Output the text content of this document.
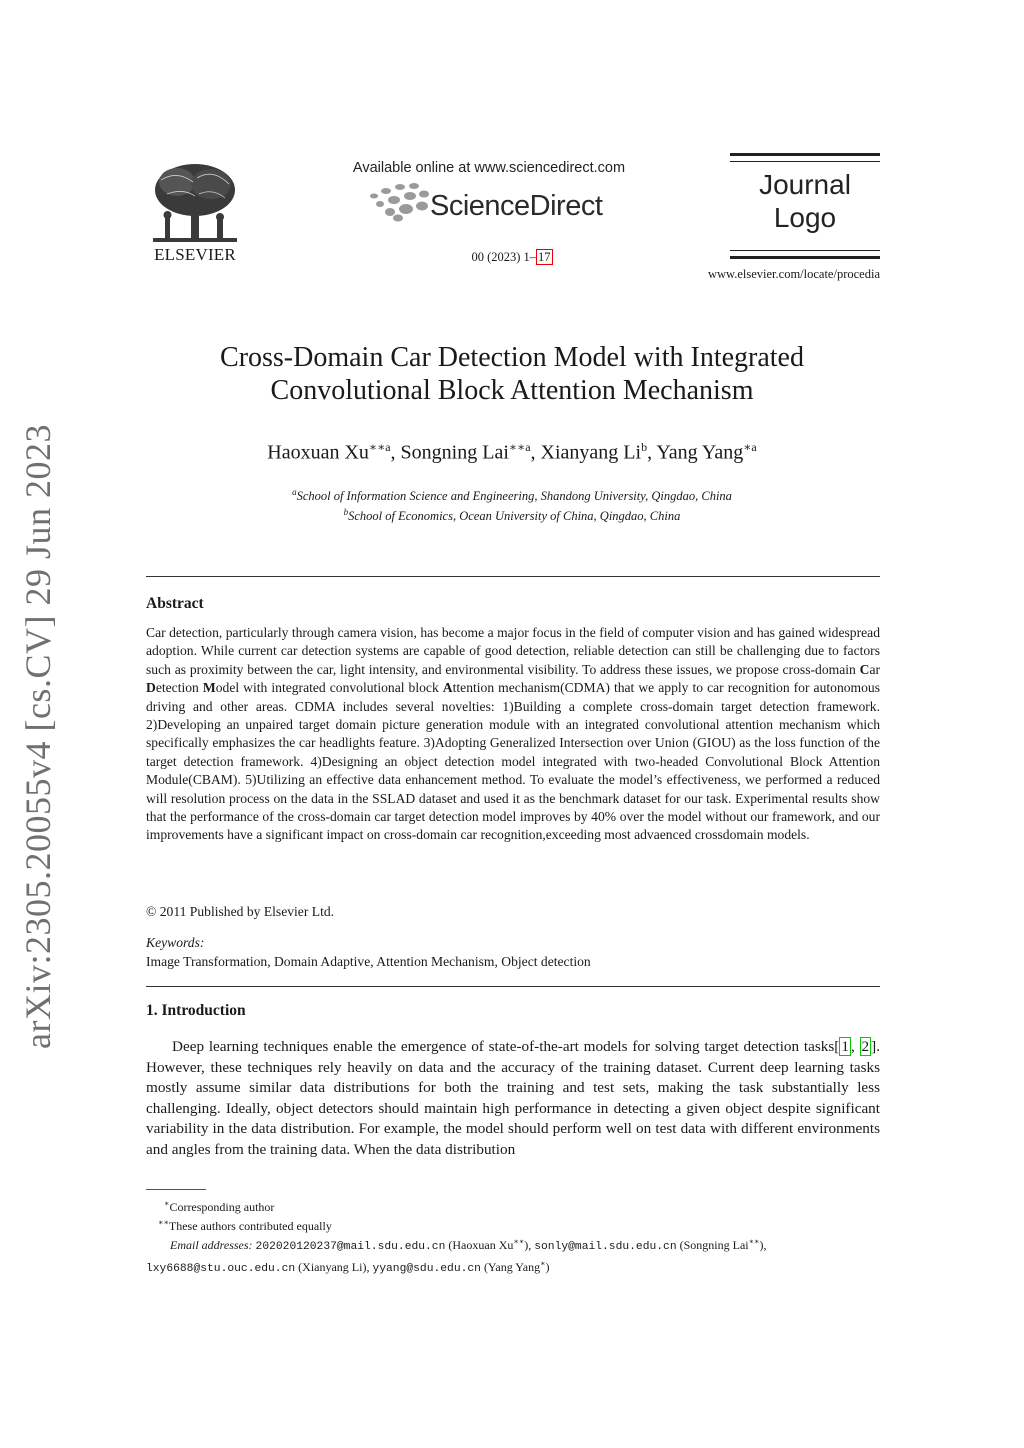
arXiv:2305.20055v4 [cs.CV] 29 Jun 2023
ELSEVIER
Available online at www.sciencedirect.com
ScienceDirect
00 (2023) 1– 17
Journal
Logo
www.elsevier.com/locate/procedia
Cross-Domain Car Detection Model with Integrated
Convolutional Block Attention Mechanism
Haoxuan $Xu^{∗∗a}$, Songning Lai$^{∗∗a}$, Xianyang Li$^b$, Yang Yang$^{∗a}$
$^a$School of Information Science and Engineering, Shandong University, Qingdao, China
$^b$School of Economics, Ocean University of China, Qingdao, China
Abstract
Car detection, particularly through camera vision, has become a major focus in the field of computer vision and has gained widespread adoption. While current car detection systems are capable of good detection, reliable detection can still be challenging due to factors such as proximity between the car, light intensity, and environmental visibility. To address these issues, we propose cross-domain Car Detection Model with integrated convolutional block Attention mechanism(CDMA) that we apply to car recognition for autonomous driving and other areas. CDMA includes several novelties: 1)Building a complete cross-domain target detection framework. 2)Developing an unpaired target domain picture generation module with an integrated convolutional attention mechanism which specifically emphasizes the car headlights feature. 3)Adopting Generalized Intersection over Union (GIOU) as the loss function of the target detection framework. 4)Designing an object detection model integrated with two-headed Convolutional Block Attention Module(CBAM). 5)Utilizing an effective data enhancement method. To evaluate the model’s effectiveness, we performed a reduced will resolution process on the data in the SSLAD dataset and used it as the benchmark dataset for our task. Experimental results show that the performance of the cross-domain car target detection model improves by 40% over the model without our framework, and our improvements have a significant impact on cross-domain car recognition,exceeding most advaenced crossdomain models.
© 2011 Published by Elsevier Ltd.
Keywords:
Image Transformation, Domain Adaptive, Attention Mechanism, Object detection
1. Introduction
Deep learning techniques enable the emergence of state-of-the-art models for solving target detection tasks[ 1 , 2 ]. However, these techniques rely heavily on data and the accuracy of the training dataset. Current deep learning tasks mostly assume similar data distributions for both the training and test sets, making the task substantially less challenging. Ideally, object detectors should maintain high performance in detecting a given object despite significant variability in the data distribution. For example, the model should perform well on test data with different environments and angles from the training data. When the data distribution
∗Corresponding author
∗∗These authors contributed equally
Email addresses: 202020120237@mail.sdu.edu.cn (Haoxuan Xu∗∗), sonly@mail.sdu.edu.cn (Songning Lai∗∗), lxy6688@stu.ouc.edu.cn (Xianyang Li), yyang@sdu.edu.cn (Yang Yang∗)
